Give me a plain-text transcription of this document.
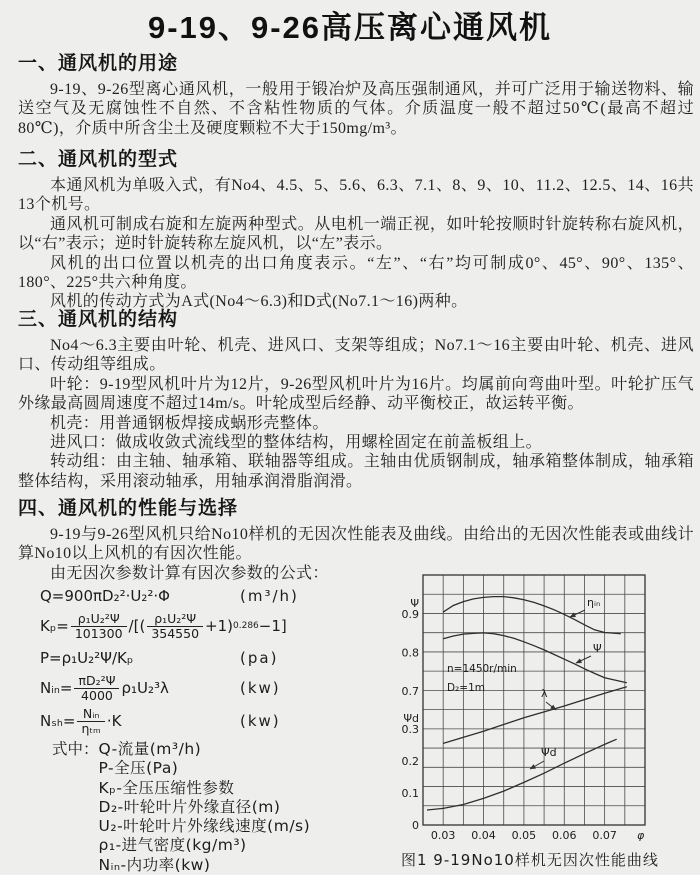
9-19、9-26高压离心通风机
一、通风机的用途

9-19、9-26型离心通风机，一般用于锻冶炉及高压强制通风，并可广泛用于输送物料、输送空气及无腐蚀性不自然、不含粘性物质的气体。介质温度一般不超过50℃(最高不超过80℃)，介质中所含尘土及硬度颗粒不大于150mg/m³。

二、通风机的型式

本通风机为单吸入式，有No4、4.5、5、5.6、6.3、7.1、8、9、10、11.2、12.5、14、16共13个机号。

通风机可制成右旋和左旋两种型式。从电机一端正视，如叶轮按顺时针旋转称右旋风机，以“右”表示；逆时针旋转称左旋风机，以“左”表示。

风机的出口位置以机壳的出口角度表示。“左”、“右”均可制成0°、45°、90°、135°、180°、225°共六种角度。

风机的传动方式为A式(No4～6.3)和D式(No7.1～16)两种。

三、通风机的结构

No4～6.3主要由叶轮、机壳、进风口、支架等组成；No7.1～16主要由叶轮、机壳、进风口、传动组等组成。

叶轮：9-19型风机叶片为12片，9-26型风机叶片为16片。均属前向弯曲叶型。叶轮扩压气外缘最高圆周速度不超过14m/s。叶轮成型后经静、动平衡校正，故运转平衡。

机壳：用普通钢板焊接成蜗形壳整体。

进风口：做成收敛式流线型的整体结构，用螺栓固定在前盖板组上。

转动组：由主轴、轴承箱、联轴器等组成。主轴由优质钢制成，轴承箱整体制成，轴承箱整体结构，采用滚动轴承，用轴承润滑脂润滑。

四、通风机的性能与选择

9-19与9-26型风机只给No10样机的无因次性能表及曲线。由给出的无因次性能表或曲线计算No10以上风机的有因次性能。

由无因次参数计算有因次参数的公式：

Q=900πD₂²·U₂²·Φ	(m³/h)
$K_p= \frac{\text{ρ₁U₂²Ψ}}{101300}$ /[( $\frac{\text{ρ₁U₂²Ψ}}{354550} +1$) 0.286 −1]
P=ρ₁U₂²Ψ/Kₚ	(pa)
Nᵢₙ= $\frac{\text{πD₂²Ψ}}{4000} \rho_1U_2^3\lambda$	(kw)
$N_{sh}= \frac{\text{Nᵢₙ}}{\text{ηₜₘ}} \cdot K$	(kw)
式中： Q-流量(m³/h)
P-全压(Pa)
Kₚ-全压压缩性参数
D₂-叶轮叶片外缘直径(m)
U₂-叶轮叶片外缘线速度(m/s)
ρ₁-进气密度(kg/m³)
Nᵢₙ-内功率(kw)
Ψ
0.9
0.8
0.7
Ψd
0.3
0.2
0.1
0
0.03 0.04 0.05 0.06 0.07 φ
n=1450r/min
D₂=1m
ηᵢₙ
Ψ
λ
Ψd
图1 9-19No10样机无因次性能曲线
